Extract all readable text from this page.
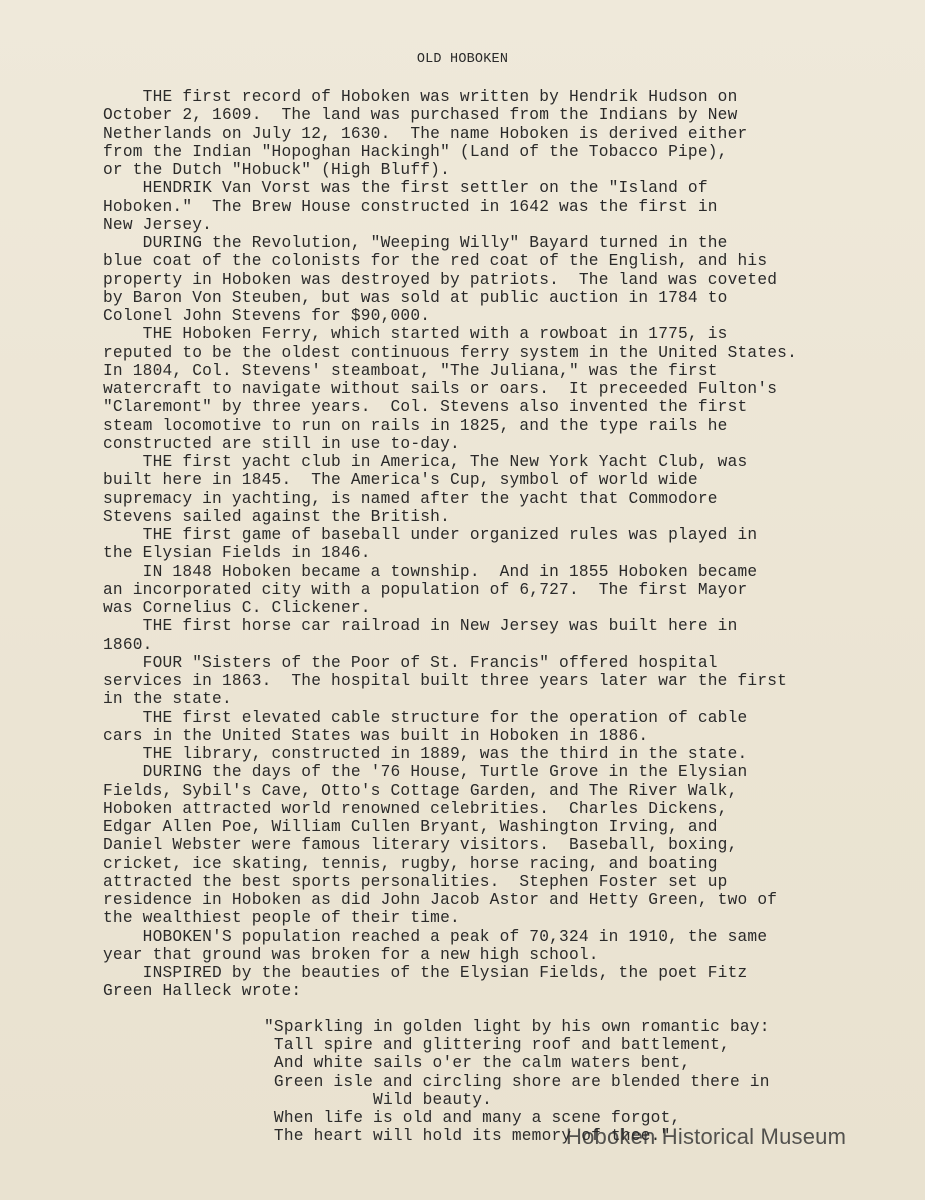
OLD HOBOKEN
THE first record of Hoboken was written by Hendrik Hudson on
October 2, 1609.  The land was purchased from the Indians by New
Netherlands on July 12, 1630.  The name Hoboken is derived either
from the Indian "Hopoghan Hackingh" (Land of the Tobacco Pipe),
or the Dutch "Hobuck" (High Bluff).
HENDRIK Van Vorst was the first settler on the "Island of
Hoboken."  The Brew House constructed in 1642 was the first in
New Jersey.
DURING the Revolution, "Weeping Willy" Bayard turned in the
blue coat of the colonists for the red coat of the English, and his
property in Hoboken was destroyed by patriots.  The land was coveted
by Baron Von Steuben, but was sold at public auction in 1784 to
Colonel John Stevens for $90,000.
THE Hoboken Ferry, which started with a rowboat in 1775, is
reputed to be the oldest continuous ferry system in the United States.
In 1804, Col. Stevens' steamboat, "The Juliana," was the first
watercraft to navigate without sails or oars.  It preceeded Fulton's
"Claremont" by three years.  Col. Stevens also invented the first
steam locomotive to run on rails in 1825, and the type rails he
constructed are still in use to-day.
THE first yacht club in America, The New York Yacht Club, was
built here in 1845.  The America's Cup, symbol of world wide
supremacy in yachting, is named after the yacht that Commodore
Stevens sailed against the British.
THE first game of baseball under organized rules was played in
the Elysian Fields in 1846.
IN 1848 Hoboken became a township.  And in 1855 Hoboken became
an incorporated city with a population of 6,727.  The first Mayor
was Cornelius C. Clickener.
THE first horse car railroad in New Jersey was built here in
1860.
FOUR "Sisters of the Poor of St. Francis" offered hospital
services in 1863.  The hospital built three years later war the first
in the state.
THE first elevated cable structure for the operation of cable
cars in the United States was built in Hoboken in 1886.
THE library, constructed in 1889, was the third in the state.
DURING the days of the '76 House, Turtle Grove in the Elysian
Fields, Sybil's Cave, Otto's Cottage Garden, and The River Walk,
Hoboken attracted world renowned celebrities.  Charles Dickens,
Edgar Allen Poe, William Cullen Bryant, Washington Irving, and
Daniel Webster were famous literary visitors.  Baseball, boxing,
cricket, ice skating, tennis, rugby, horse racing, and boating
attracted the best sports personalities.  Stephen Foster set up
residence in Hoboken as did John Jacob Astor and Hetty Green, two of
the wealthiest people of their time.
HOBOKEN'S population reached a peak of 70,324 in 1910, the same
year that ground was broken for a new high school.
INSPIRED by the beauties of the Elysian Fields, the poet Fitz
Green Halleck wrote:
"Sparkling in golden light by his own romantic bay:
Tall spire and glittering roof and battlement,
And white sails o'er the calm waters bent,
Green isle and circling shore are blended there in
Wild beauty.
When life is old and many a scene forgot,
The heart will hold its memory of thee."
Hoboken Historical Museum
